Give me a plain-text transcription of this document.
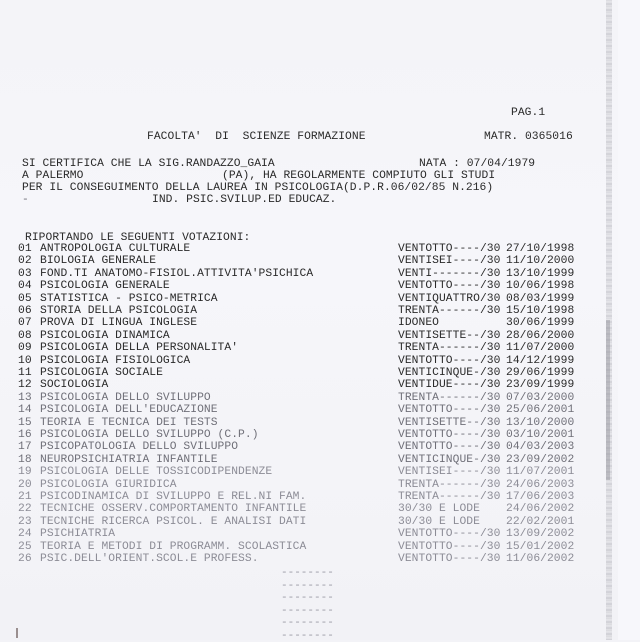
PAG.1
FACOLTA'  DI  SCIENZE FORMAZIONE	MATR. 0365016
SI CERTIFICA CHE LA SIG.RANDAZZO_GAIA	NATA : 07/04/1979
A PALERMO	(PA), HA REGOLARMENTE COMPIUTO GLI STUDI
PER IL CONSEGUIMENTO DELLA LAUREA IN PSICOLOGIA(D.P.R.06/02/85 N.216)
-	IND. PSIC.SVILUP.ED EDUCAZ.
RIPORTANDO LE SEGUENTI VOTAZIONI:
01 ANTROPOLOGIA CULTURALE	VENTOTTO----/30 27/10/1998
02 BIOLOGIA GENERALE	VENTISEI----/30 11/10/2000
03 FOND.TI ANATOMO-FISIOL.ATTIVITA'PSICHICA	VENTI-------/30 13/10/1999
04 PSICOLOGIA GENERALE	VENTOTTO----/30 10/06/1998
05 STATISTICA - PSICO-METRICA	VENTIQUATTRO/30 08/03/1999
06 STORIA DELLA PSICOLOGIA	TRENTA------/30 15/10/1998
07 PROVA DI LINGUA INGLESE	IDONEO	30/06/1999
08 PSICOLOGIA DINAMICA	VENTISETTE--/30 28/06/2000
09 PSICOLOGIA DELLA PERSONALITA'	TRENTA------/30 11/07/2000
10 PSICOLOGIA FISIOLOGICA	VENTOTTO----/30 14/12/1999
11 PSICOLOGIA SOCIALE	VENTICINQUE-/30 29/06/1999
12 SOCIOLOGIA	VENTIDUE----/30 23/09/1999
13 PSICOLOGIA DELLO SVILUPPO	TRENTA------/30 07/03/2000
14 PSICOLOGIA DELL'EDUCAZIONE	VENTOTTO----/30 25/06/2001
15 TEORIA E TECNICA DEI TESTS	VENTISETTE--/30 13/10/2000
16 PSICOLOGIA DELLO SVILUPPO (C.P.)	VENTOTTO----/30 03/10/2001
17 PSICOPATOLOGIA DELLO SVILUPPO	VENTOTTO----/30 04/03/2003
18 NEUROPSICHIATRIA INFANTILE	VENTICINQUE-/30 23/09/2002
19 PSICOLOGIA DELLE TOSSICODIPENDENZE	VENTISEI----/30 11/07/2001
20 PSICOLOGIA GIURIDICA	TRENTA------/30 24/06/2003
21 PSICODINAMICA DI SVILUPPO E REL.NI FAM.	TRENTA------/30 17/06/2003
22 TECNICHE OSSERV.COMPORTAMENTO INFANTILE	30/30 E LODE 24/06/2002
23 TECNICHE RICERCA PSICOL. E ANALISI DATI	30/30 E LODE 22/02/2001
24 PSICHIATRIA	VENTOTTO----/30 13/09/2002
25 TEORIA E METODI DI PROGRAMM. SCOLASTICA	VENTOTTO----/30 15/01/2002
26 PSIC.DELL'ORIENT.SCOL.E PROFESS.	VENTOTTO----/30 11/06/2002
--------
--------
--------
--------
--------
--------
